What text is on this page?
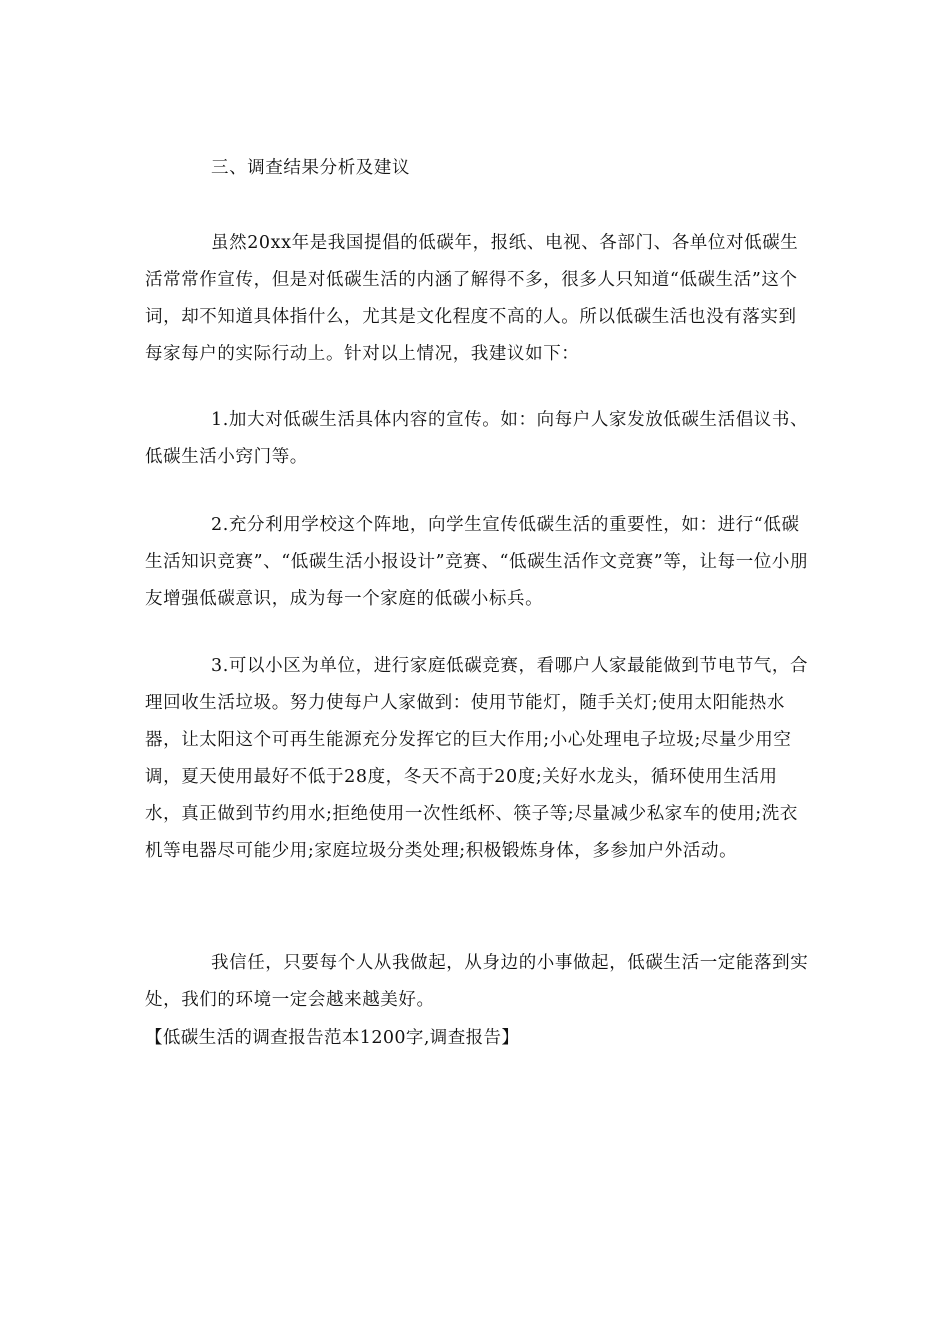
三、调查结果分析及建议

虽然20xx年是我国提倡的低碳年，报纸、电视、各部门、各单位对低碳生活常常作宣传，但是对低碳生活的内涵了解得不多，很多人只知道“低碳生活”这个词，却不知道具体指什么，尤其是文化程度不高的人。所以低碳生活也没有落实到每家每户的实际行动上。针对以上情况，我建议如下：

1.加大对低碳生活具体内容的宣传。如：向每户人家发放低碳生活倡议书、低碳生活小窍门等。

2.充分利用学校这个阵地，向学生宣传低碳生活的重要性，如：进行“低碳生活知识竞赛”、“低碳生活小报设计”竞赛、“低碳生活作文竞赛”等，让每一位小朋友增强低碳意识，成为每一个家庭的低碳小标兵。

3.可以小区为单位，进行家庭低碳竞赛，看哪户人家最能做到节电节气，合理回收生活垃圾。努力使每户人家做到：使用节能灯，随手关灯;使用太阳能热水器，让太阳这个可再生能源充分发挥它的巨大作用;小心处理电子垃圾;尽量少用空调，夏天使用最好不低于28度，冬天不高于20度;关好水龙头，循环使用生活用水，真正做到节约用水;拒绝使用一次性纸杯、筷子等;尽量减少私家车的使用;洗衣机等电器尽可能少用;家庭垃圾分类处理;积极锻炼身体，多参加户外活动。

我信任，只要每个人从我做起，从身边的小事做起，低碳生活一定能落到实处，我们的环境一定会越来越美好。

【低碳生活的调查报告范本1200字,调查报告】
